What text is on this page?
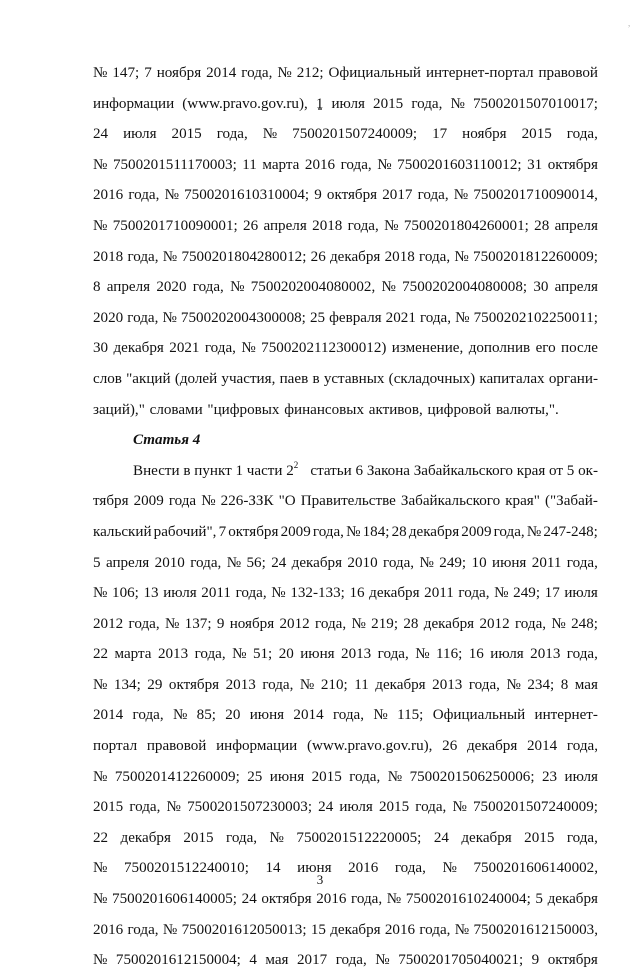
,
№ 147; 7 ноября 2014 года, № 212; Официальный интернет-портал правовой
информации (www.pravo.gov.ru), 1 июля 2015 года, № 7500201507010017;
24 июля 2015 года, № 7500201507240009; 17 ноября 2015 года,
№ 7500201511170003; 11 марта 2016 года, № 7500201603110012; 31 октября
2016 года, № 7500201610310004; 9 октября 2017 года, № 7500201710090014,
№ 7500201710090001; 26 апреля 2018 года, № 7500201804260001; 28 апреля
2018 года, № 7500201804280012; 26 декабря 2018 года, № 7500201812260009;
8 апреля 2020 года, № 7500202004080002, № 7500202004080008; 30 апреля
2020 года, № 7500202004300008; 25 февраля 2021 года, № 7500202102250011;
30 декабря 2021 года, № 7500202112300012) изменение, дополнив его после
слов "акций (долей участия, паев в уставных (складочных) капиталах органи-
заций)," словами "цифровых финансовых активов, цифровой валюты,".
Статья 4
Внести в пункт 1 части $2^2$ статьи 6 Закона Забайкальского края от 5 ок-
тября 2009 года № 226-ЗЗК "О Правительстве Забайкальского края" ("Забай-
кальский рабочий", 7 октября 2009 года, № 184; 28 декабря 2009 года, № 247-248;
5 апреля 2010 года, № 56; 24 декабря 2010 года, № 249; 10 июня 2011 года,
№ 106; 13 июля 2011 года, № 132-133; 16 декабря 2011 года, № 249; 17 июля
2012 года, № 137; 9 ноября 2012 года, № 219; 28 декабря 2012 года, № 248;
22 марта 2013 года, № 51; 20 июня 2013 года, № 116; 16 июля 2013 года,
№ 134; 29 октября 2013 года, № 210; 11 декабря 2013 года, № 234; 8 мая
2014 года, № 85; 20 июня 2014 года, № 115; Официальный интернет-
портал правовой информации (www.pravo.gov.ru), 26 декабря 2014 года,
№ 7500201412260009; 25 июня 2015 года, № 7500201506250006; 23 июля
2015 года, № 7500201507230003; 24 июля 2015 года, № 7500201507240009;
22 декабря 2015 года, № 7500201512220005; 24 декабря 2015 года,
№ 7500201512240010; 14 июня 2016 года, № 7500201606140002,
№ 7500201606140005; 24 октября 2016 года, № 7500201610240004; 5 декабря
2016 года, № 7500201612050013; 15 декабря 2016 года, № 7500201612150003,
№ 7500201612150004; 4 мая 2017 года, № 7500201705040021; 9 октября
3
